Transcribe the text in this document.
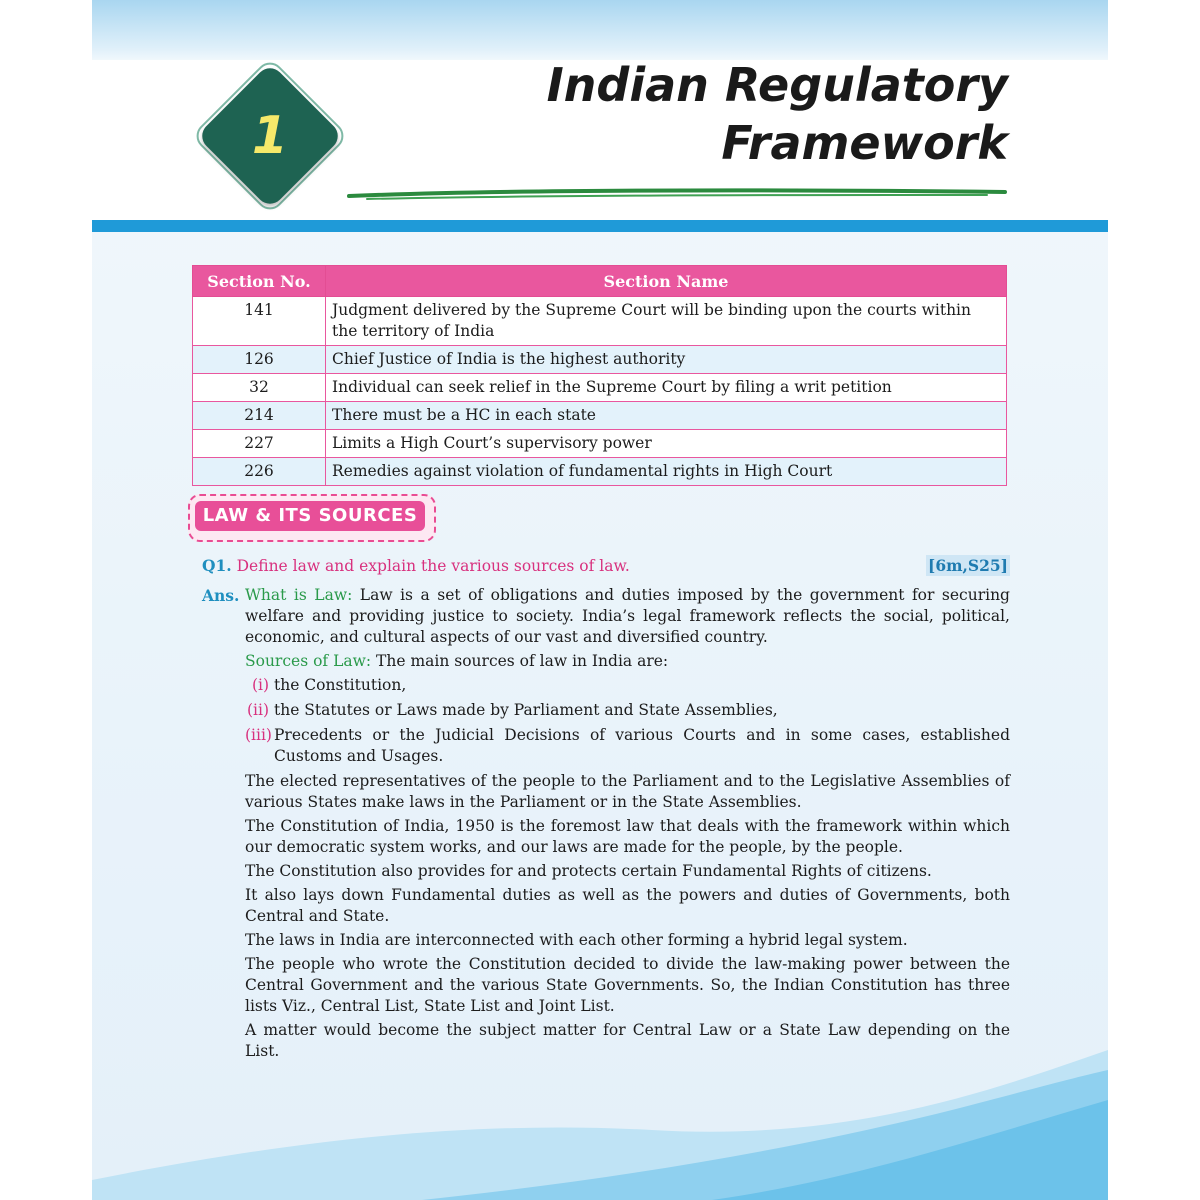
1
Indian Regulatory
Framework
Section No.	Section Name
141	Judgment delivered by the Supreme Court will be binding upon the courts within the territory of India
126	Chief Justice of India is the highest authority
32	Individual can seek relief in the Supreme Court by filing a writ petition
214	There must be a HC in each state
227	Limits a High Court’s supervisory power
226	Remedies against violation of fundamental rights in High Court
LAW & ITS SOURCES
Q1. Define law and explain the various sources of law.	[6m,S25]
Ans. What is Law: Law is a set of obligations and duties imposed by the government for securing welfare and providing justice to society. India’s legal framework reflects the social, political, economic, and cultural aspects of our vast and diversified country.

Sources of Law: The main sources of law in India are:

(i) the Constitution,
(ii) the Statutes or Laws made by Parliament and State Assemblies,
(iii) Precedents or the Judicial Decisions of various Courts and in some cases, established Customs and Usages.

The elected representatives of the people to the Parliament and to the Legislative Assemblies of various States make laws in the Parliament or in the State Assemblies.

The Constitution of India, 1950 is the foremost law that deals with the framework within which our democratic system works, and our laws are made for the people, by the people.

The Constitution also provides for and protects certain Fundamental Rights of citizens.

It also lays down Fundamental duties as well as the powers and duties of Governments, both Central and State.

The laws in India are interconnected with each other forming a hybrid legal system.

The people who wrote the Constitution decided to divide the law-making power between the Central Government and the various State Governments. So, the Indian Constitution has three lists Viz., Central List, State List and Joint List.

A matter would become the subject matter for Central Law or a State Law depending on the List.
